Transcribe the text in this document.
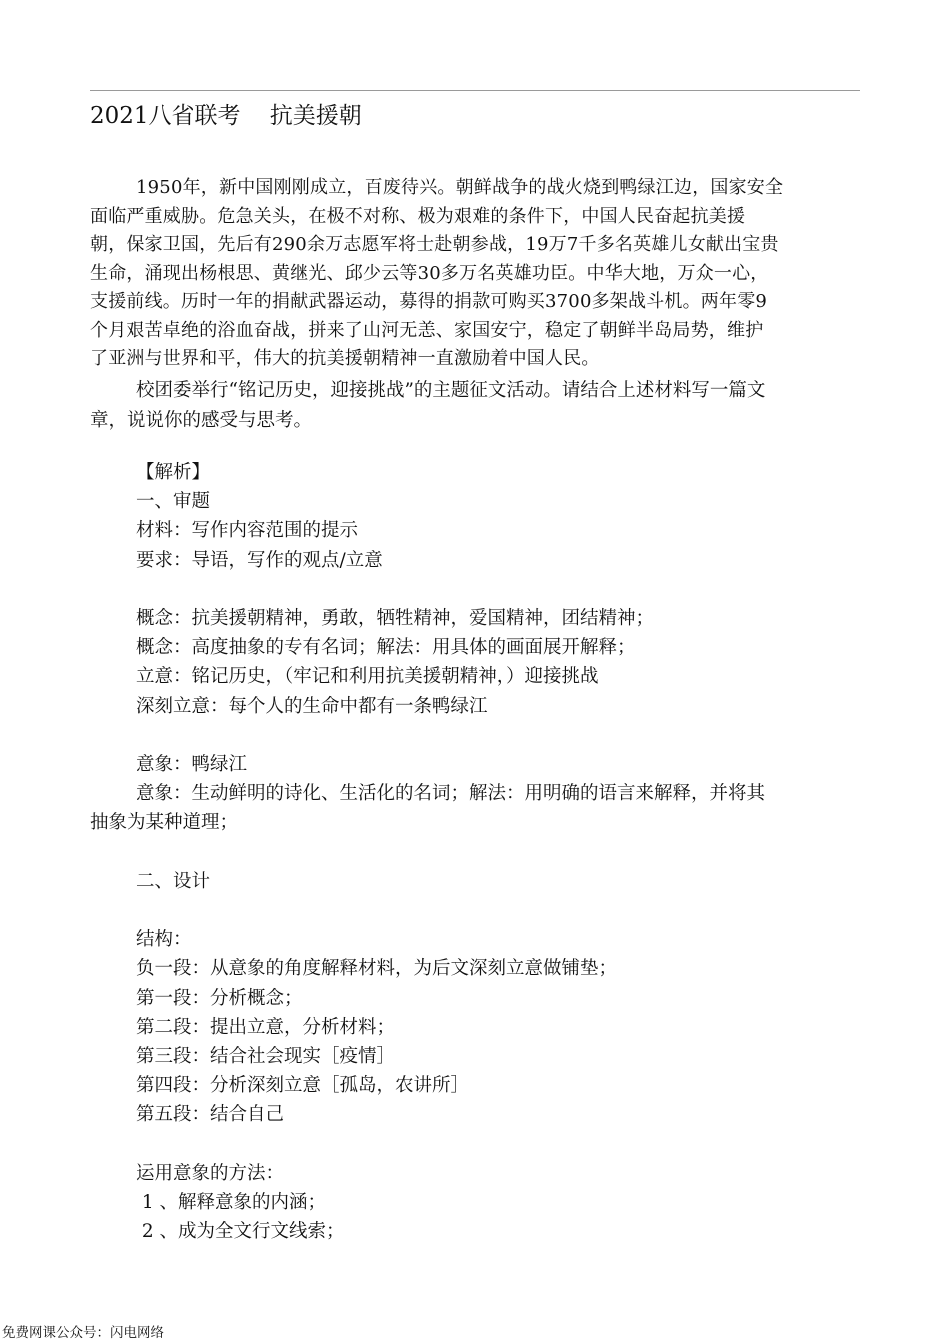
2021八省联考    抗美援朝
1950年，新中国刚刚成立，百废待兴。朝鲜战争的战火烧到鸭绿江边，国家安全
面临严重威胁。危急关头，在极不对称、极为艰难的条件下，中国人民奋起抗美援
朝，保家卫国，先后有290余万志愿军将士赴朝参战，19万7千多名英雄儿女献出宝贵
生命，涌现出杨根思、黄继光、邱少云等30多万名英雄功臣。中华大地，万众一心，
支援前线。历时一年的捐献武器运动，募得的捐款可购买3700多架战斗机。两年零9
个月艰苦卓绝的浴血奋战，拼来了山河无恙、家国安宁，稳定了朝鲜半岛局势，维护
了亚洲与世界和平，伟大的抗美援朝精神一直激励着中国人民。
校团委举行“铭记历史，迎接挑战”的主题征文活动。请结合上述材料写一篇文
章，说说你的感受与思考。
【解析】
一、审题
材料：写作内容范围的提示
要求：导语，写作的观点/立意
概念：抗美援朝精神，勇敢，牺牲精神，爱国精神，团结精神；
概念：高度抽象的专有名词；解法：用具体的画面展开解释；
立意：铭记历史，（牢记和利用抗美援朝精神，）迎接挑战
深刻立意：每个人的生命中都有一条鸭绿江
意象：鸭绿江
意象：生动鲜明的诗化、生活化的名词；解法：用明确的语言来解释，并将其
抽象为某种道理；
二、设计
结构：
负一段：从意象的角度解释材料，为后文深刻立意做铺垫；
第一段：分析概念；
第二段：提出立意，分析材料；
第三段：结合社会现实［疫情］
第四段：分析深刻立意［孤岛，农讲所］
第五段：结合自己
运用意象的方法：
1 、解释意象的内涵；
2 、成为全文行文线索；
免费网课公众号：闪电网络
